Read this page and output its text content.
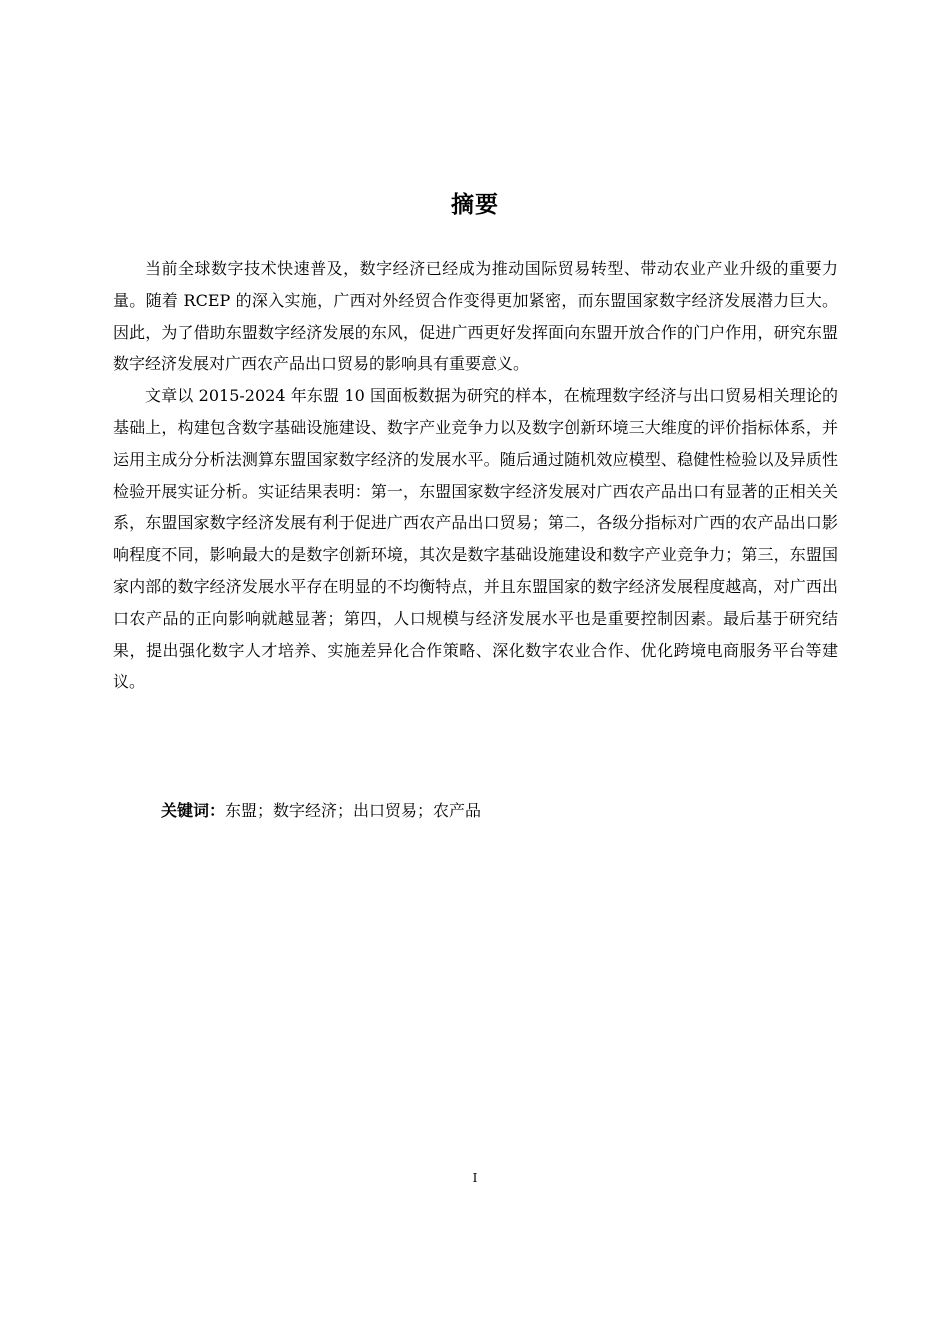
摘要

当前全球数字技术快速普及，数字经济已经成为推动国际贸易转型、带动农业产业升级的重要力量。随着 RCEP 的深入实施，广西对外经贸合作变得更加紧密，而东盟国家数字经济发展潜力巨大。因此，为了借助东盟数字经济发展的东风，促进广西更好发挥面向东盟开放合作的门户作用，研究东盟数字经济发展对广西农产品出口贸易的影响具有重要意义。

文章以 2015-2024 年东盟 10 国面板数据为研究的样本，在梳理数字经济与出口贸易相关理论的基础上，构建包含数字基础设施建设、数字产业竞争力以及数字创新环境三大维度的评价指标体系，并运用主成分分析法测算东盟国家数字经济的发展水平。随后通过随机效应模型、稳健性检验以及异质性检验开展实证分析。实证结果表明：第一，东盟国家数字经济发展对广西农产品出口有显著的正相关关系，东盟国家数字经济发展有利于促进广西农产品出口贸易；第二，各级分指标对广西的农产品出口影响程度不同，影响最大的是数字创新环境，其次是数字基础设施建设和数字产业竞争力；第三，东盟国家内部的数字经济发展水平存在明显的不均衡特点，并且东盟国家的数字经济发展程度越高，对广西出口农产品的正向影响就越显著；第四，人口规模与经济发展水平也是重要控制因素。最后基于研究结果，提出强化数字人才培养、实施差异化合作策略、深化数字农业合作、优化跨境电商服务平台等建议。

关键词：东盟；数字经济；出口贸易；农产品
I
